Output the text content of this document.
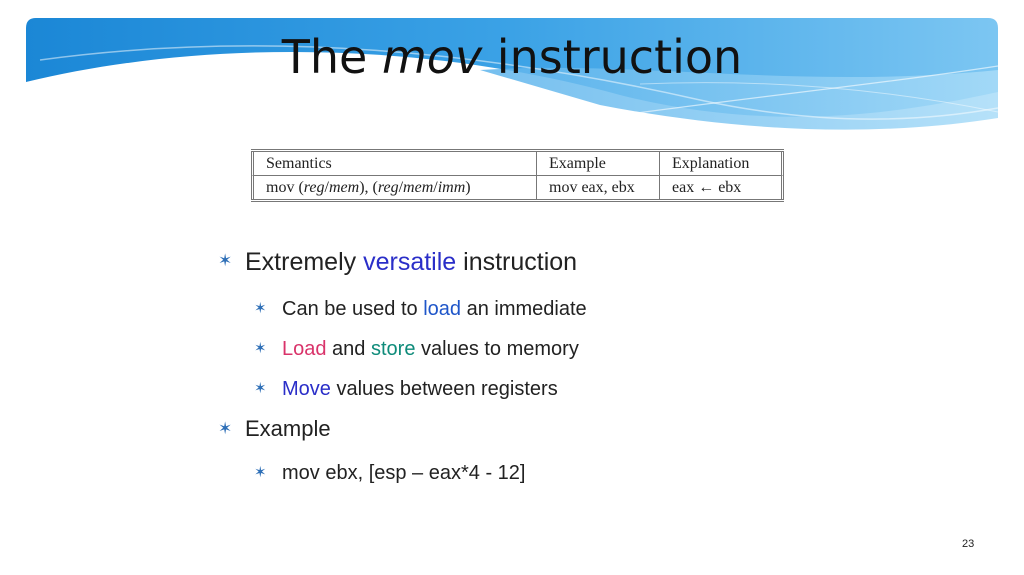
The mov instruction
Semantics	Example	Explanation
mov (reg/mem), (reg/mem/imm)	mov eax, ebx	eax ← ebx
✶ Extremely versatile instruction
✶ Can be used to load an immediate
✶ Load and store values to memory
✶ Move values between registers
✶ Example
✶ mov ebx, [esp – eax*4 - 12]
23
